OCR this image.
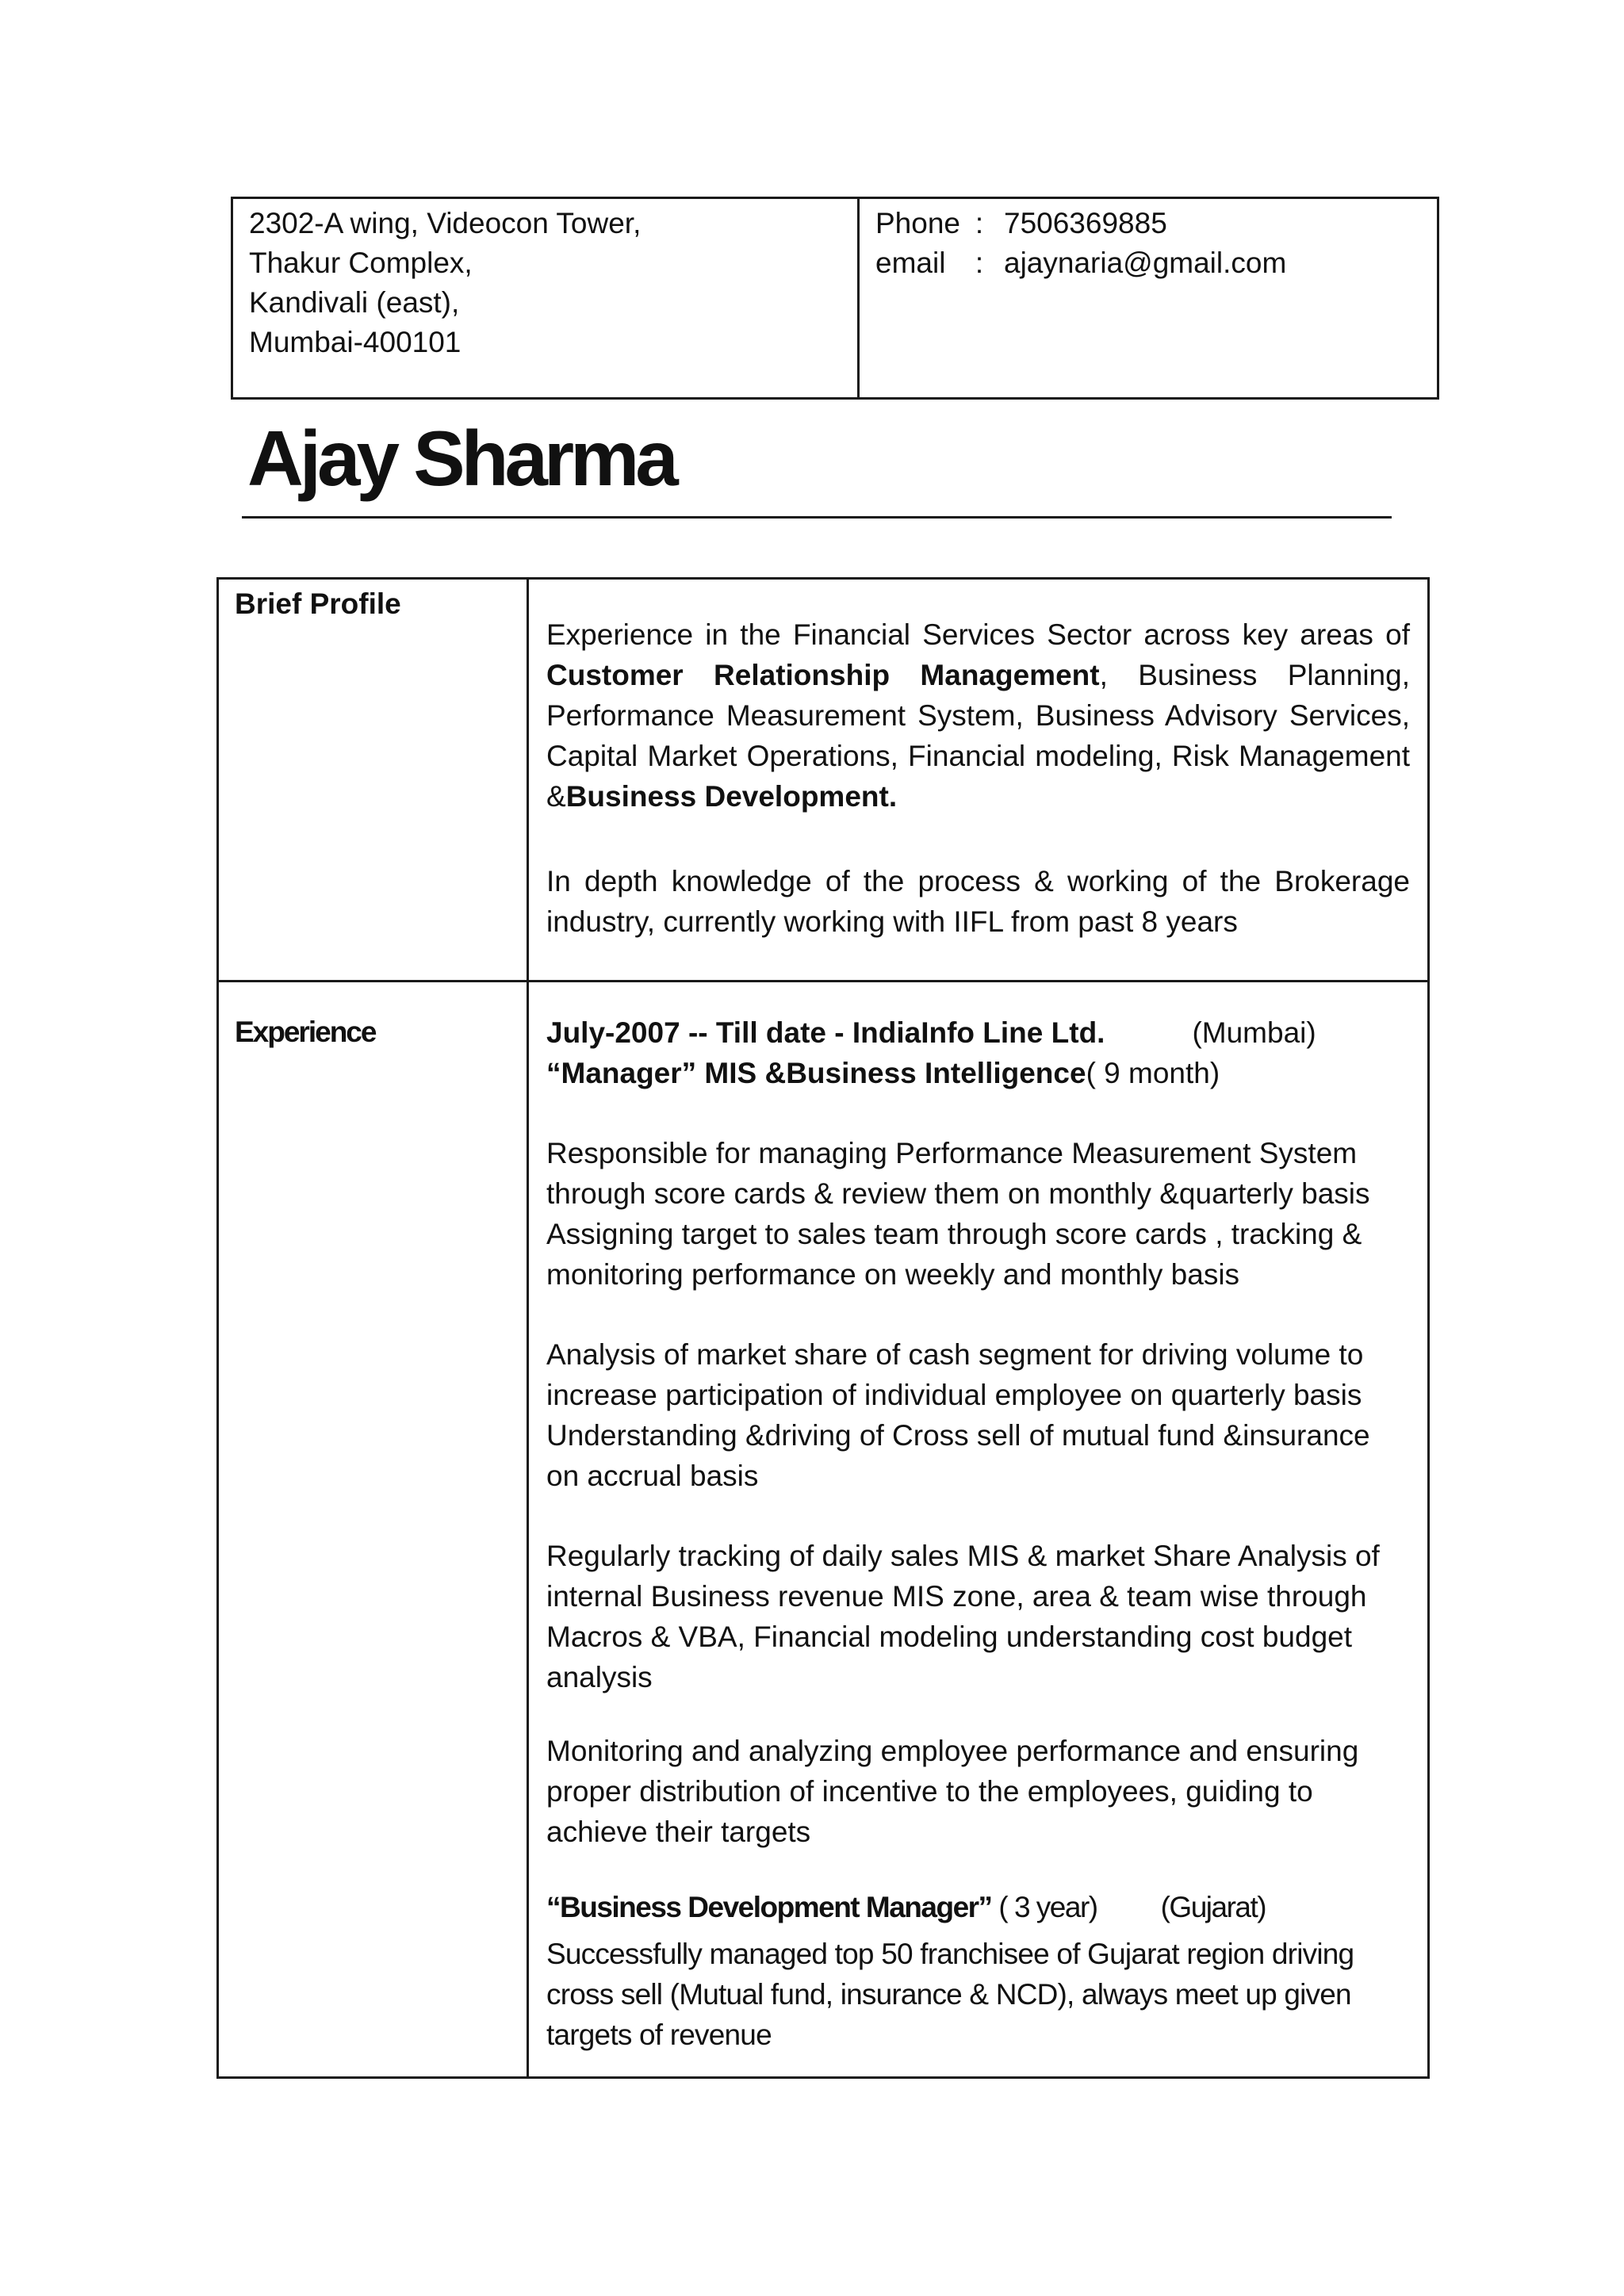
2302-A wing, Videocon Tower,
Thakur Complex,
Kandivali (east),
Mumbai-400101
Phone : 7506369885
email	: ajaynaria@gmail.com
Ajay Sharma
Brief Profile

Experience in the Financial Services Sector across key areas of Customer Relationship Management, Business Planning, Performance Measurement System, Business Advisory Services, Capital Market Operations, Financial modeling, Risk Management &Business Development.

In depth knowledge of the process & working of the Brokerage industry, currently working with IIFL from past 8 years

Experience	July-2007 -- Till date - IndiaInfo Line Ltd.	(Mumbai)
“Manager” MIS &Business Intelligence( 9 month)

Responsible for managing Performance Measurement System through score cards & review them on monthly &quarterly basis Assigning target to sales team through score cards , tracking & monitoring performance on weekly and monthly basis

Analysis of market share of cash segment for driving volume to increase participation of individual employee on quarterly basis Understanding &driving of Cross sell of mutual fund &insurance on accrual basis

Regularly tracking of daily sales MIS & market Share Analysis of internal Business revenue MIS zone, area & team wise through Macros & VBA, Financial modeling understanding cost budget analysis

Monitoring and analyzing employee performance and ensuring proper distribution of incentive to the employees, guiding to achieve their targets

“Business Development Manager” ( 3 year) (Gujarat)

Successfully managed top 50 franchisee of Gujarat region driving cross sell (Mutual fund, insurance & NCD), always meet up given targets of revenue
